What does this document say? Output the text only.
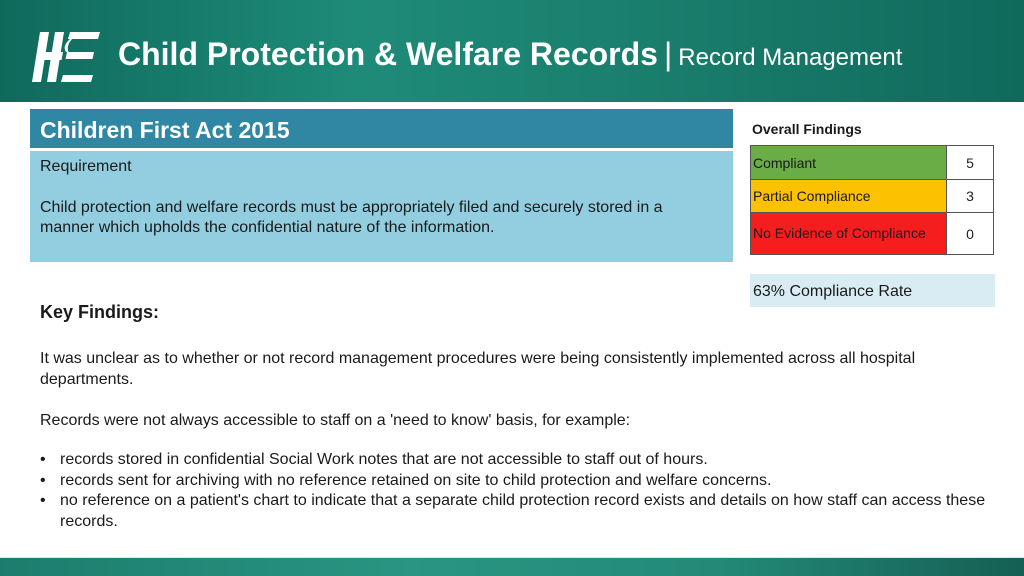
Child Protection & Welfare Records | Record Management
Children First Act 2015
Requirement
Child protection and welfare records must be appropriately filed and securely stored in a manner which upholds the confidential nature of the information.
Overall Findings
Compliant	5
Partial Compliance	3
No Evidence of Compliance	0
63% Compliance Rate
Key Findings:
It was unclear as to whether or not record management procedures were being consistently implemented across all hospital departments.
Records were not always accessible to staff on a 'need to know' basis, for example:
• records stored in confidential Social Work notes that are not accessible to staff out of hours.
• records sent for archiving with no reference retained on site to child protection and welfare concerns.
• no reference on a patient's chart to indicate that a separate child protection record exists and details on how staff can access these records.
